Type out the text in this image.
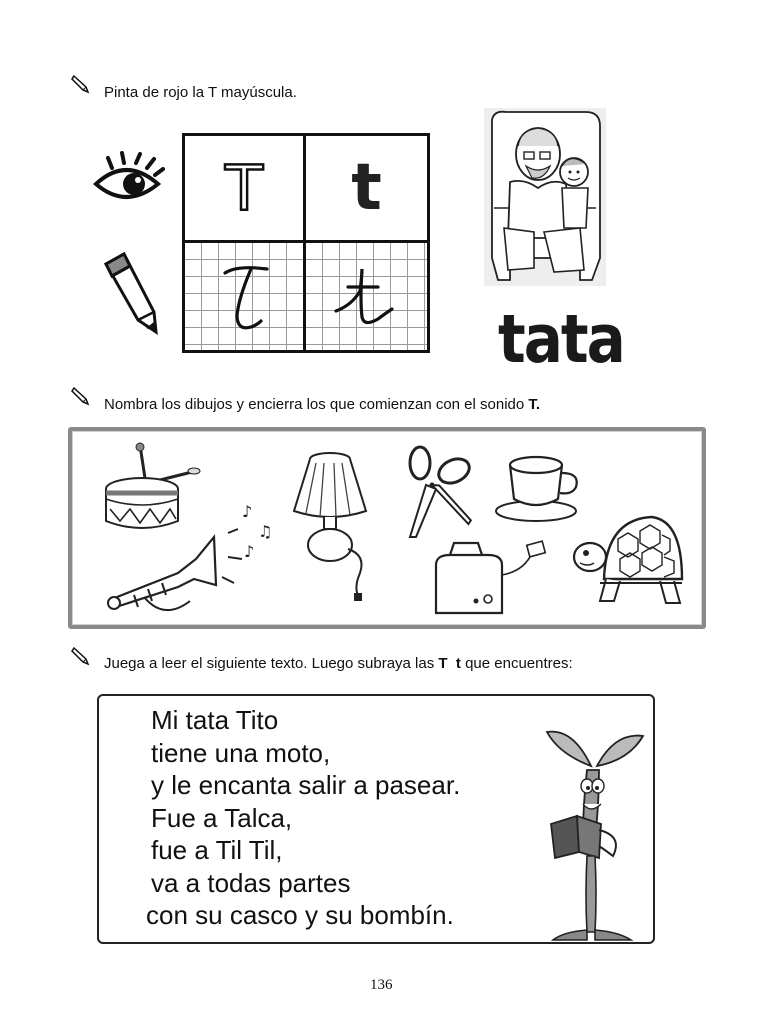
Pinta de rojo la T mayúscula.
T t
tata
Nombra los dibujos y encierra los que comienzan con el sonido T.
♪
♫
♪
Juega a leer el siguiente texto. Luego subraya las T t que encuentres:
Mi tata Tito
tiene una moto,
y le encanta salir a pasear.
Fue a Talca,
fue a Til Til,
va a todas partes
con su casco y su bombín.
136
